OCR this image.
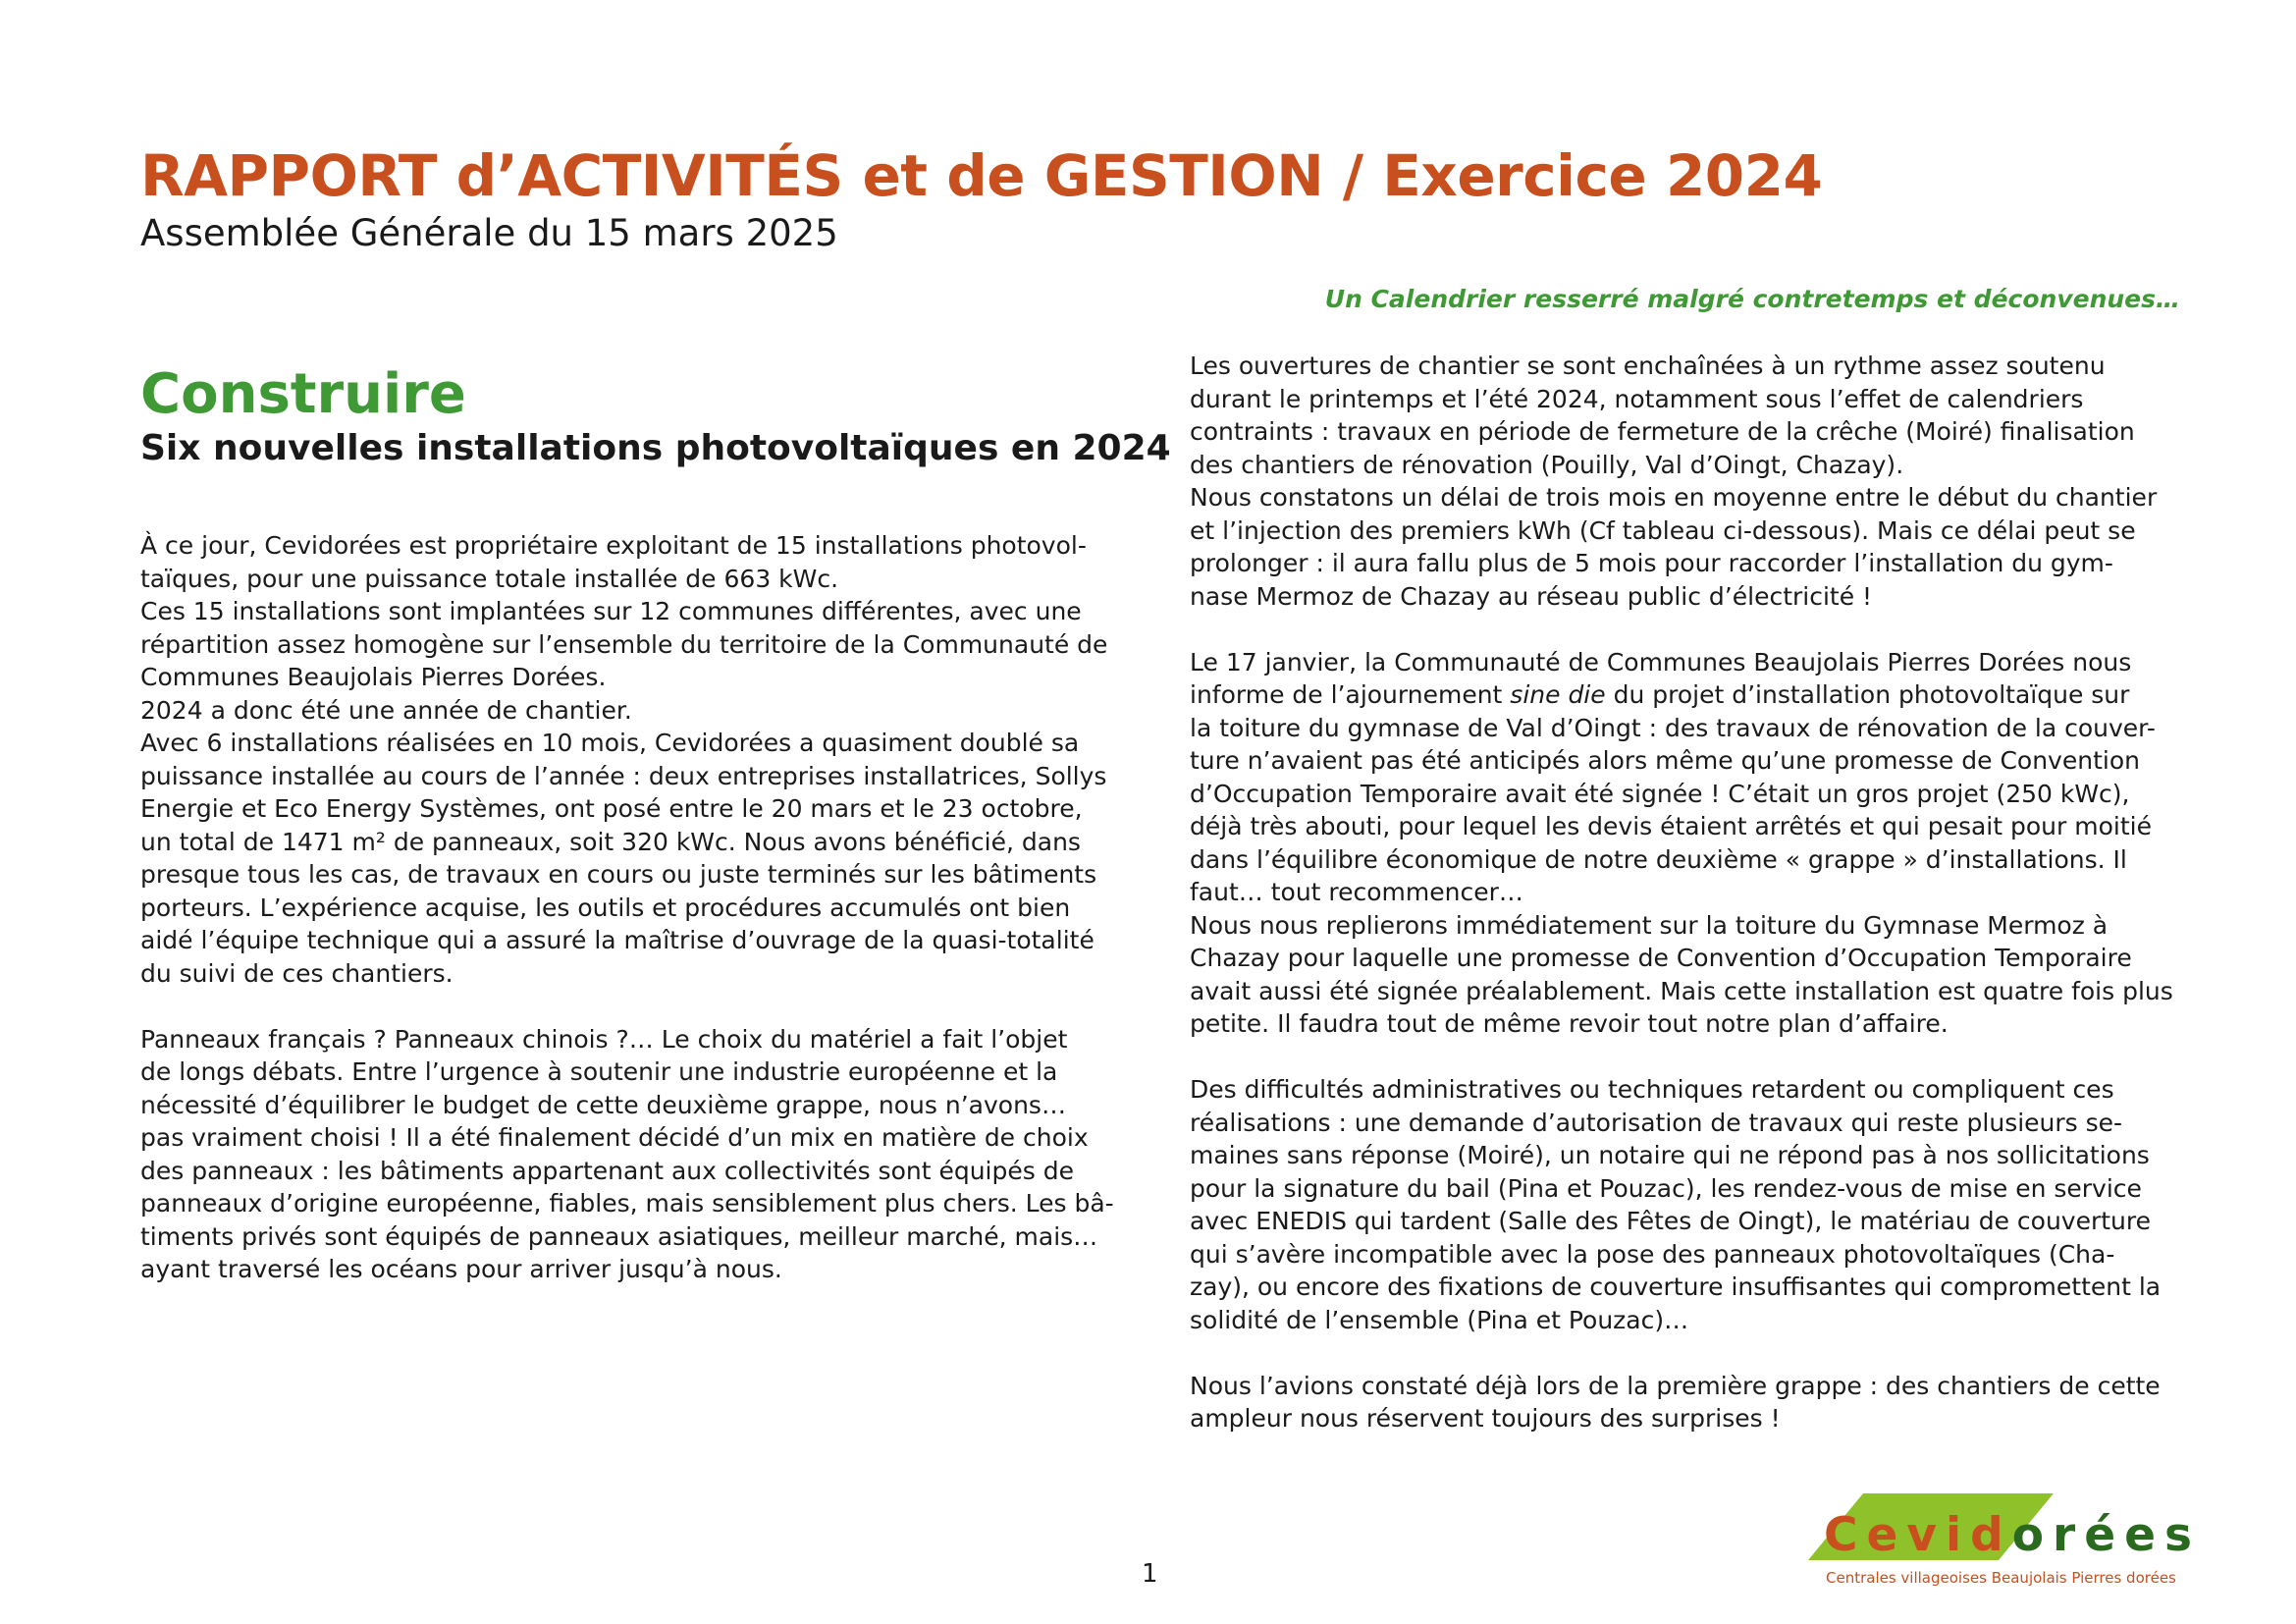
RAPPORT d’ACTIVITÉS et de GESTION / Exercice 2024
Assemblée Générale du 15 mars 2025
Un Calendrier resserré malgré contretemps et déconvenues…
Construire
Six nouvelles installations photovoltaïques en 2024

À ce jour, Cevidorées est propriétaire exploitant de 15 installations photovol-

taïques, pour une puissance totale installée de 663 kWc.

Ces 15 installations sont implantées sur 12 communes différentes, avec une

répartition assez homogène sur l’ensemble du territoire de la Communauté de

Communes Beaujolais Pierres Dorées.

2024 a donc été une année de chantier.

Avec 6 installations réalisées en 10 mois, Cevidorées a quasiment doublé sa

puissance installée au cours de l’année : deux entreprises installatrices, Sollys

Energie et Eco Energy Systèmes, ont posé entre le 20 mars et le 23 octobre,

un total de 1471 m² de panneaux, soit 320 kWc. Nous avons bénéficié, dans

presque tous les cas, de travaux en cours ou juste terminés sur les bâtiments

porteurs. L’expérience acquise, les outils et procédures accumulés ont bien

aidé l’équipe technique qui a assuré la maîtrise d’ouvrage de la quasi-totalité

du suivi de ces chantiers.

Panneaux français ? Panneaux chinois ?… Le choix du matériel a fait l’objet

de longs débats. Entre l’urgence à soutenir une industrie européenne et la

nécessité d’équilibrer le budget de cette deuxième grappe, nous n’avons…

pas vraiment choisi ! Il a été finalement décidé d’un mix en matière de choix

des panneaux : les bâtiments appartenant aux collectivités sont équipés de

panneaux d’origine européenne, fiables, mais sensiblement plus chers. Les bâ-

timents privés sont équipés de panneaux asiatiques, meilleur marché, mais…

ayant traversé les océans pour arriver jusqu’à nous.

Les ouvertures de chantier se sont enchaînées à un rythme assez soutenu

durant le printemps et l’été 2024, notamment sous l’effet de calendriers

contraints : travaux en période de fermeture de la crêche (Moiré) finalisation

des chantiers de rénovation (Pouilly, Val d’Oingt, Chazay).

Nous constatons un délai de trois mois en moyenne entre le début du chantier

et l’injection des premiers kWh (Cf tableau ci-dessous). Mais ce délai peut se

prolonger : il aura fallu plus de 5 mois pour raccorder l’installation du gym-

nase Mermoz de Chazay au réseau public d’électricité !

Le 17 janvier, la Communauté de Communes Beaujolais Pierres Dorées nous

informe de l’ajournement sine die du projet d’installation photovoltaïque sur

la toiture du gymnase de Val d’Oingt : des travaux de rénovation de la couver-

ture n’avaient pas été anticipés alors même qu’une promesse de Convention

d’Occupation Temporaire avait été signée ! C’était un gros projet (250 kWc),

déjà très abouti, pour lequel les devis étaient arrêtés et qui pesait pour moitié

dans l’équilibre économique de notre deuxième « grappe » d’installations. Il

faut… tout recommencer…

Nous nous replierons immédiatement sur la toiture du Gymnase Mermoz à

Chazay pour laquelle une promesse de Convention d’Occupation Temporaire

avait aussi été signée préalablement. Mais cette installation est quatre fois plus

petite. Il faudra tout de même revoir tout notre plan d’affaire.

Des difficultés administratives ou techniques retardent ou compliquent ces

réalisations : une demande d’autorisation de travaux qui reste plusieurs se-

maines sans réponse (Moiré), un notaire qui ne répond pas à nos sollicitations

pour la signature du bail (Pina et Pouzac), les rendez-vous de mise en service

avec ENEDIS qui tardent (Salle des Fêtes de Oingt), le matériau de couverture

qui s’avère incompatible avec la pose des panneaux photovoltaïques (Cha-

zay), ou encore des fixations de couverture insuffisantes qui compromettent la

solidité de l’ensemble (Pina et Pouzac)…

Nous l’avions constaté déjà lors de la première grappe : des chantiers de cette

ampleur nous réservent toujours des surprises !

1
Cevidorées
Centrales villageoises Beaujolais Pierres dorées
